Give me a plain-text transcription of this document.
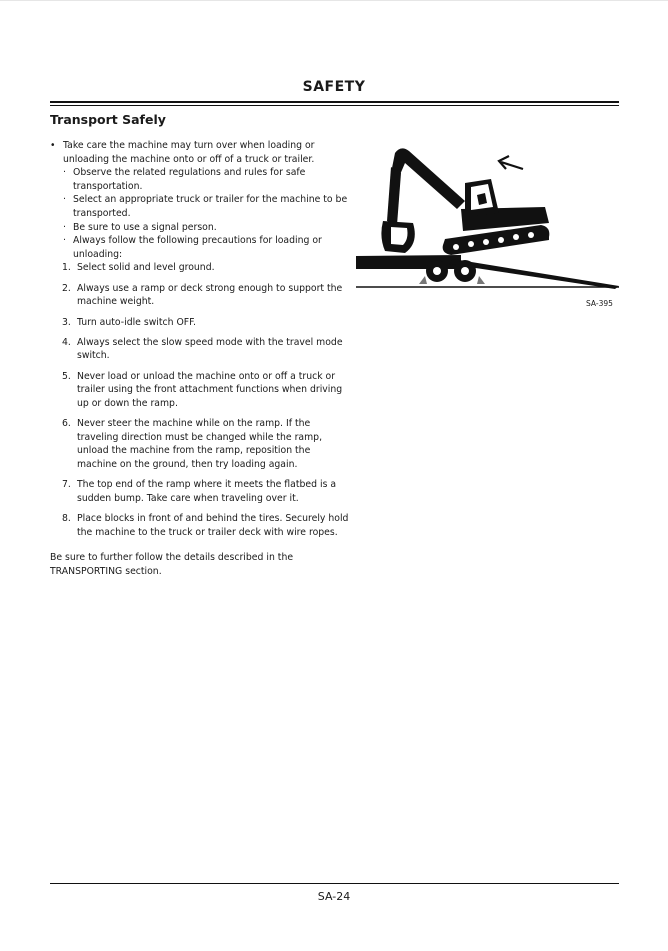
SAFETY
Transport Safely

• Take care the machine may turn over when loading or unloading the machine onto or off of a truck or trailer.

· Observe the related regulations and rules for safe transportation.

· Select an appropriate truck or trailer for the machine to be transported.

· Be sure to use a signal person.

· Always follow the following precautions for loading or unloading:

1. Select solid and level ground.

2. Always use a ramp or deck strong enough to support the machine weight.

3. Turn auto-idle switch OFF.

4. Always select the slow speed mode with the travel mode switch.

5. Never load or unload the machine onto or off a truck or trailer using the front attachment functions when driving up or down the ramp.

6. Never steer the machine while on the ramp. If the traveling direction must be changed while the ramp, unload the machine from the ramp, reposition the machine on the ground, then try loading again.

7. The top end of the ramp where it meets the flatbed is a sudden bump. Take care when traveling over it.

8. Place blocks in front of and behind the tires. Securely hold the machine to the truck or trailer deck with wire ropes.

Be sure to further follow the details described in the TRANSPORTING section.

SA-395
SA-24
